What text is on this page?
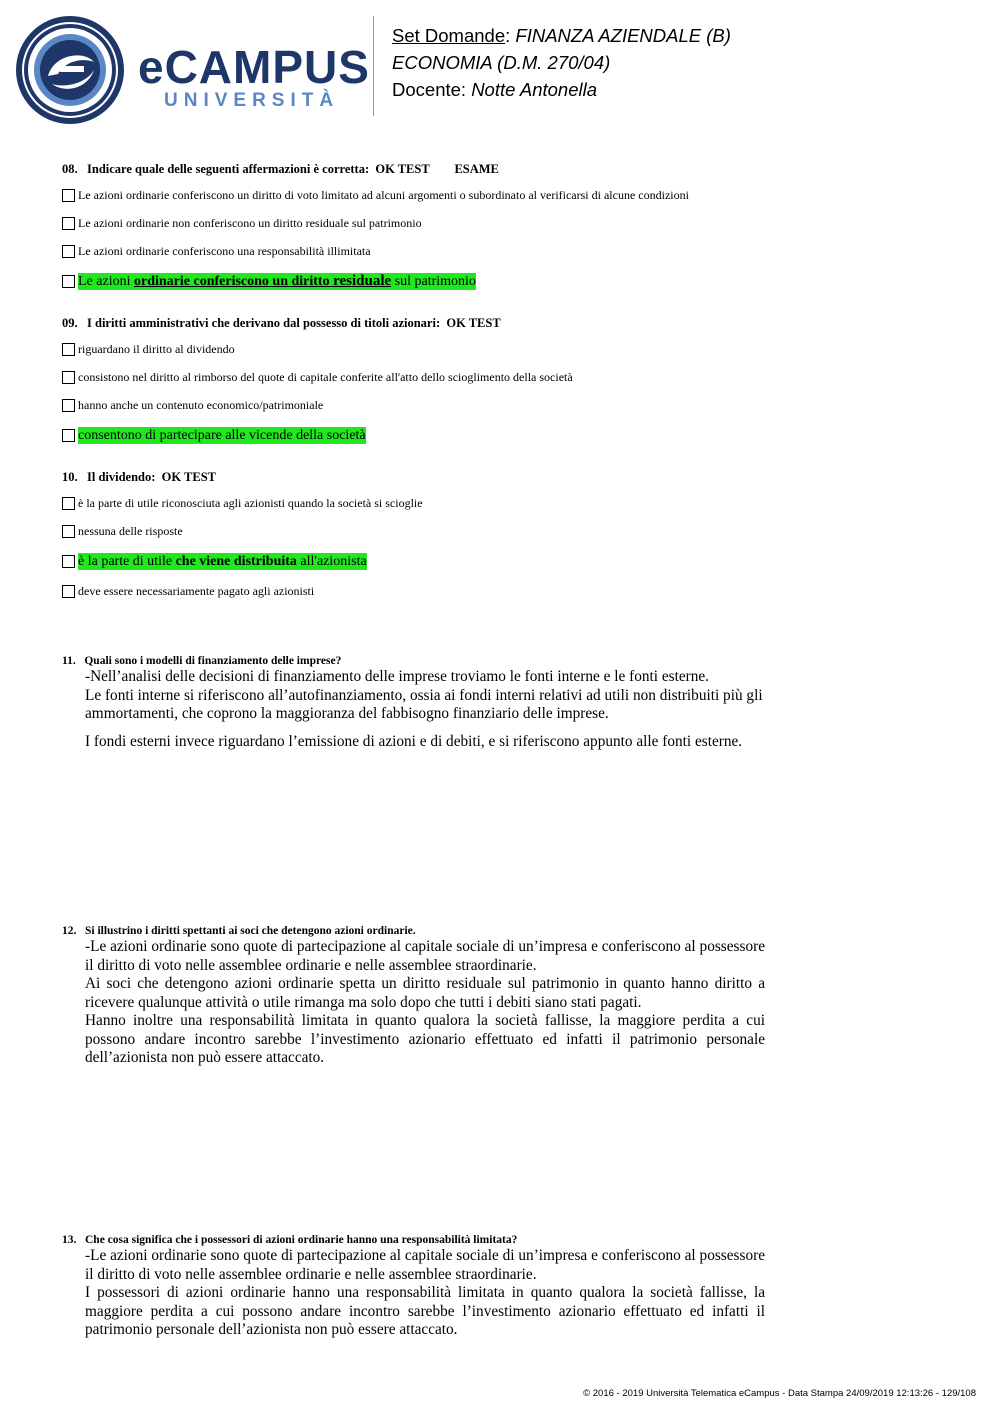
eCAMPUS
UNIVERSITÀ
Set Domande: FINANZA AZIENDALE (B)
ECONOMIA (D.M. 270/04)
Docente: Notte Antonella
08.   Indicare quale delle seguenti affermazioni è corretta:  OK TEST        ESAME
Le azioni ordinarie conferiscono un diritto di voto limitato ad alcuni argomenti o subordinato al verificarsi di alcune condizioni
Le azioni ordinarie non conferiscono un diritto residuale sul patrimonio
Le azioni ordinarie conferiscono una responsabilità illimitata
Le azioni ordinarie conferiscono un diritto residuale sul patrimonio
09.   I diritti amministrativi che derivano dal possesso di titoli azionari:  OK TEST
riguardano il diritto al dividendo
consistono nel diritto al rimborso del quote di capitale conferite all'atto dello scioglimento della società
hanno anche un contenuto economico/patrimoniale
consentono di partecipare alle vicende della società
10.   Il dividendo:  OK TEST
è la parte di utile riconosciuta agli azionisti quando la società si scioglie
nessuna delle risposte
è la parte di utile che viene distribuita all'azionista
deve essere necessariamente pagato agli azionisti
11.   Quali sono i modelli di finanziamento delle imprese?

-Nell’analisi delle decisioni di finanziamento delle imprese troviamo le fonti interne e le fonti esterne.

Le fonti interne si riferiscono all’autofinanziamento, ossia ai fondi interni relativi ad utili non distribuiti più gli ammortamenti, che coprono la maggioranza del fabbisogno finanziario delle imprese.

I fondi esterni invece riguardano l’emissione di azioni e di debiti, e si riferiscono appunto alle fonti esterne.

12.   Si illustrino i diritti spettanti ai soci che detengono azioni ordinarie.

-Le azioni ordinarie sono quote di partecipazione al capitale sociale di un’impresa e conferiscono al possessore il diritto di voto nelle assemblee ordinarie e nelle assemblee straordinarie.

Ai soci che detengono azioni ordinarie spetta un diritto residuale sul patrimonio in quanto hanno diritto a ricevere qualunque attività o utile rimanga ma solo dopo che tutti i debiti siano stati pagati.

Hanno inoltre una responsabilità limitata in quanto qualora la società fallisse, la maggiore perdita a cui possono andare incontro sarebbe l’investimento azionario effettuato ed infatti il patrimonio personale dell’azionista non può essere attaccato.

13.   Che cosa significa che i possessori di azioni ordinarie hanno una responsabilità limitata?

-Le azioni ordinarie sono quote di partecipazione al capitale sociale di un’impresa e conferiscono al possessore il diritto di voto nelle assemblee ordinarie e nelle assemblee straordinarie.

I possessori di azioni ordinarie hanno una responsabilità limitata in quanto qualora la società fallisse, la maggiore perdita a cui possono andare incontro sarebbe l’investimento azionario effettuato ed infatti il patrimonio personale dell’azionista non può essere attaccato.

© 2016 - 2019 Università Telematica eCampus - Data Stampa 24/09/2019 12:13:26 - 129/108
